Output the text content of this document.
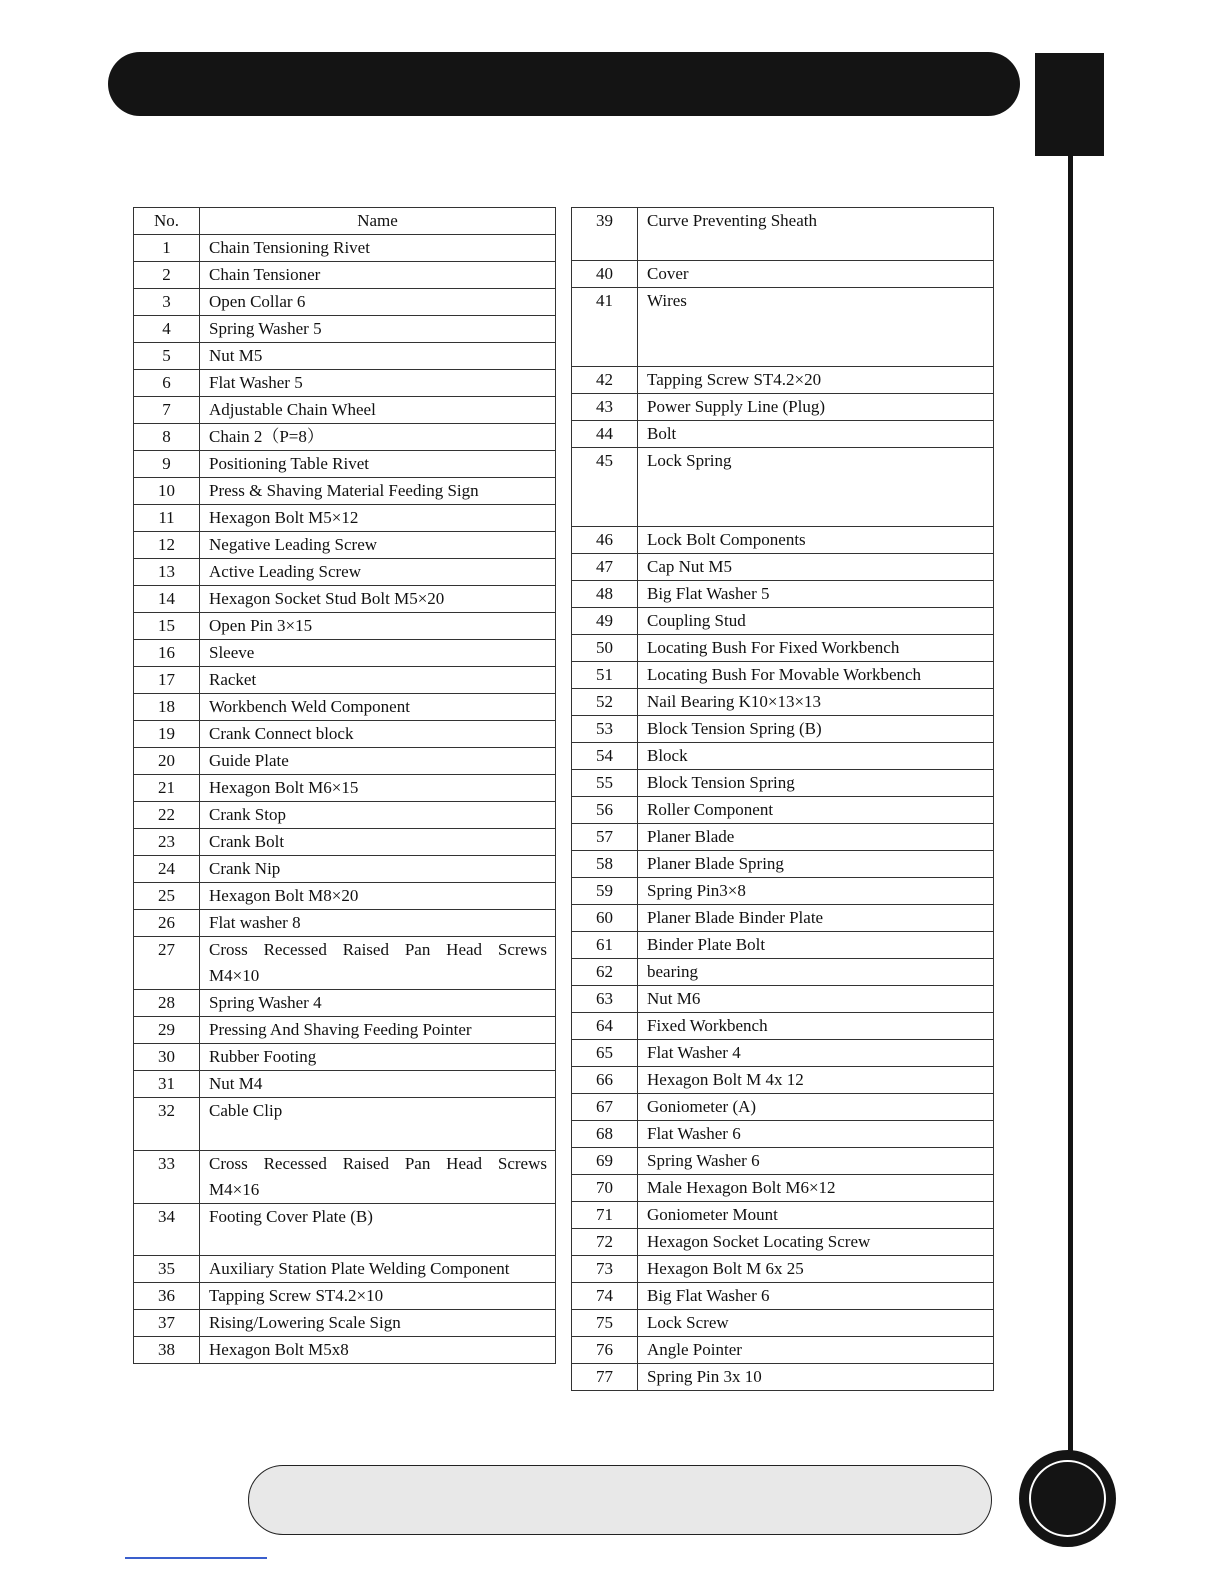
No.	Name
1	Chain Tensioning Rivet
2	Chain Tensioner
3	Open Collar 6
4	Spring Washer 5
5	Nut M5
6	Flat Washer 5
7	Adjustable Chain Wheel
8	Chain 2（P=8）
9	Positioning Table Rivet
10	Press & Shaving Material Feeding Sign
11	Hexagon Bolt M5×12
12	Negative Leading Screw
13	Active Leading Screw
14	Hexagon Socket Stud Bolt M5×20
15	Open Pin 3×15
16	Sleeve
17	Racket
18	Workbench Weld Component
19	Crank Connect block
20	Guide Plate
21	Hexagon Bolt M6×15
22	Crank Stop
23	Crank Bolt
24	Crank Nip
25	Hexagon Bolt M8×20
26	Flat washer 8
27	Cross Recessed Raised Pan Head Screws
M4×10

28	Spring Washer 4
29	Pressing And Shaving Feeding Pointer
30	Rubber Footing
31	Nut M4
32	Cable Clip
33	Cross Recessed Raised Pan Head Screws
M4×16

34	Footing Cover Plate (B)
35	Auxiliary Station Plate Welding Component
36	Tapping Screw ST4.2×10
37	Rising/Lowering Scale Sign
38	Hexagon Bolt M5x8
39	Curve Preventing Sheath
40	Cover
41	Wires
42	Tapping Screw ST4.2×20
43	Power Supply Line (Plug)
44	Bolt
45	Lock Spring
46	Lock Bolt Components
47	Cap Nut M5
48	Big Flat Washer 5
49	Coupling Stud
50	Locating Bush For Fixed Workbench
51	Locating Bush For Movable Workbench
52	Nail Bearing K10×13×13
53	Block Tension Spring (B)
54	Block
55	Block Tension Spring
56	Roller Component
57	Planer Blade
58	Planer Blade Spring
59	Spring Pin3×8
60	Planer Blade Binder Plate
61	Binder Plate Bolt
62	bearing
63	Nut M6
64	Fixed Workbench
65	Flat Washer 4
66	Hexagon Bolt M 4x 12
67	Goniometer (A)
68	Flat Washer 6
69	Spring Washer 6
70	Male Hexagon Bolt M6×12
71	Goniometer Mount
72	Hexagon Socket Locating Screw
73	Hexagon Bolt M 6x 25
74	Big Flat Washer 6
75	Lock Screw
76	Angle Pointer
77	Spring Pin 3x 10
